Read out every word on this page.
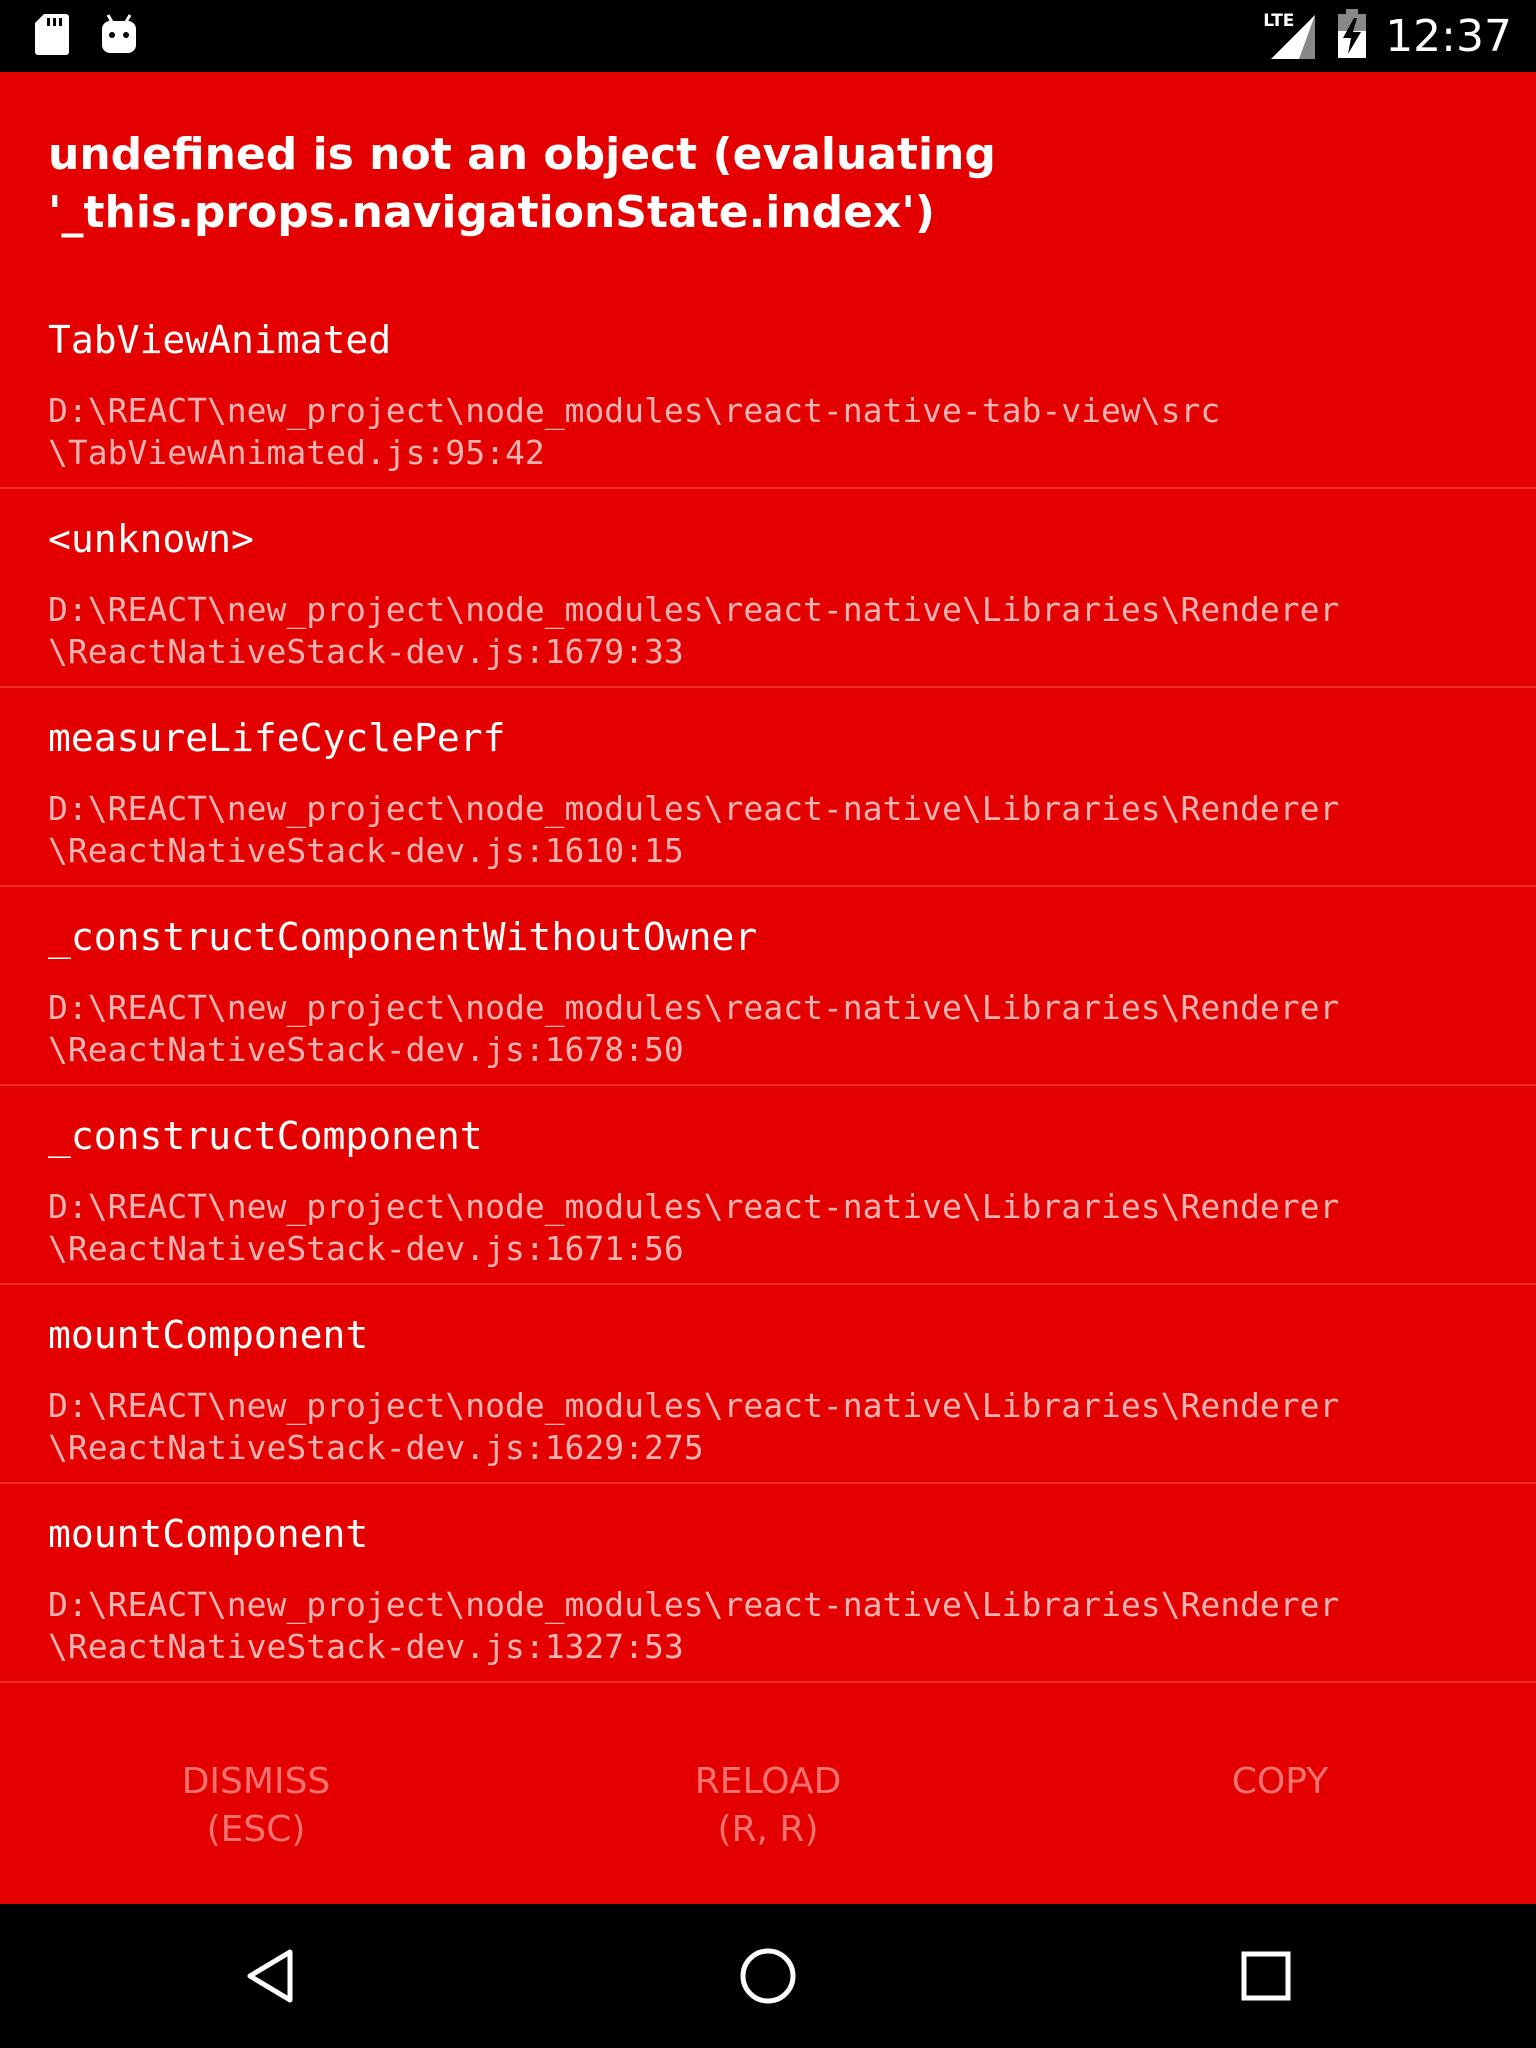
LTE 12:37
undefined is not an object (evaluating
'_this.props.navigationState.index')
TabViewAnimated
D:\REACT\new_project\node_modules\react-native-tab-view\src
\TabViewAnimated.js:95:42
<unknown>
D:\REACT\new_project\node_modules\react-native\Libraries\Renderer
\ReactNativeStack-dev.js:1679:33
measureLifeCyclePerf
D:\REACT\new_project\node_modules\react-native\Libraries\Renderer
\ReactNativeStack-dev.js:1610:15
_constructComponentWithoutOwner
D:\REACT\new_project\node_modules\react-native\Libraries\Renderer
\ReactNativeStack-dev.js:1678:50
_constructComponent
D:\REACT\new_project\node_modules\react-native\Libraries\Renderer
\ReactNativeStack-dev.js:1671:56
mountComponent
D:\REACT\new_project\node_modules\react-native\Libraries\Renderer
\ReactNativeStack-dev.js:1629:275
mountComponent
D:\REACT\new_project\node_modules\react-native\Libraries\Renderer
\ReactNativeStack-dev.js:1327:53
DISMISS
(ESC)
RELOAD
(R, R)
COPY
